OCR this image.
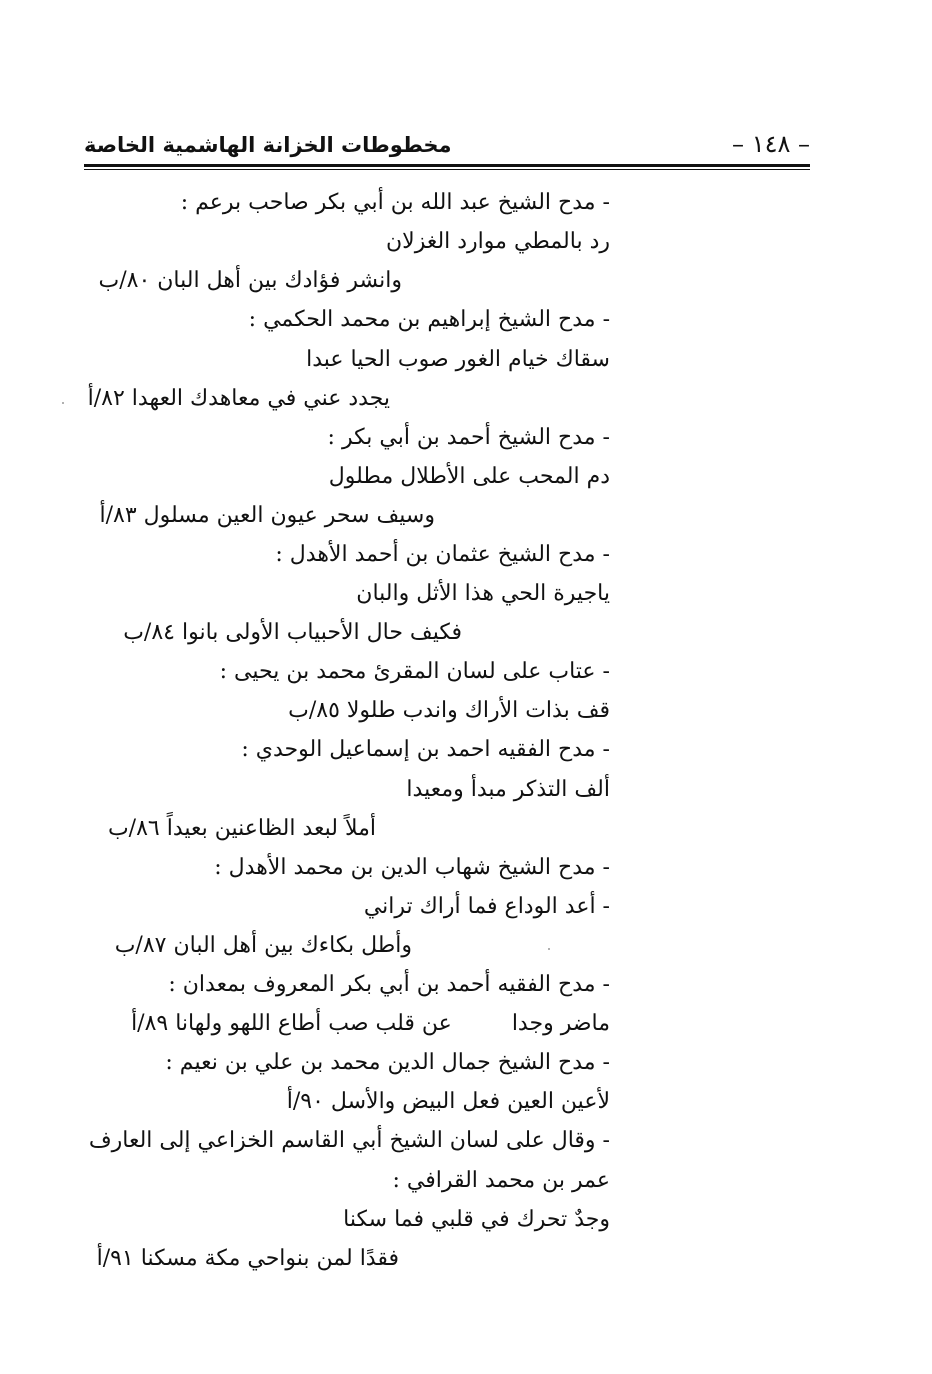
– ١٤٨ –
مخطوطات الخزانة الهاشمية الخاصة
- مدح الشيخ عبد الله بن أبي بكر صاحب برعم :
رد بالمطي موارد الغزلان
وانشر فؤادك بين أهل البان ٨٠/ب
- مدح الشيخ إبراهيم بن محمد الحكمي :
سقاك خيام الغور صوب الحيا عبدا
يجدد عني في معاهدك العهدا ٨٢/أ
- مدح الشيخ أحمد بن أبي بكر :
دم المحب على الأطلال مطلول
وسيف سحر عيون العين مسلول ٨٣/أ
- مدح الشيخ عثمان بن أحمد الأهدل :
ياجيرة الحي هذا الأثل والبان
فكيف حال الأحبياب الأولى بانوا ٨٤/ب
- عتاب على لسان المقرئ محمد بن يحيى :
قف بذات الأراك واندب طلولا ٨٥/ب
- مدح الفقيه احمد بن إسماعيل الوحدي :
ألف التذكر مبدأ ومعيدا
أملاً لبعد الظاعنين بعيداً ٨٦/ب
- مدح الشيخ شهاب الدين بن محمد الأهدل :
- أعد الوداع فما أراك تراني
وأطل بكاءك بين أهل البان ٨٧/ب
- مدح الفقيه أحمد بن أبي بكر المعروف بمعدان :
ماضر وجداعن قلب صب أطاع اللهو ولهانا ٨٩/أ
- مدح الشيخ جمال الدين محمد بن علي بن نعيم :
لأعين العين فعل البيض والأسل ٩٠/أ
- وقال على لسان الشيخ أبي القاسم الخزاعي إلى العارف
عمر بن محمد القرافي :
وجدٌ تحرك في قلبي فما سكنا
فقدًا لمن بنواحي مكة مسكنا ٩١/أ
